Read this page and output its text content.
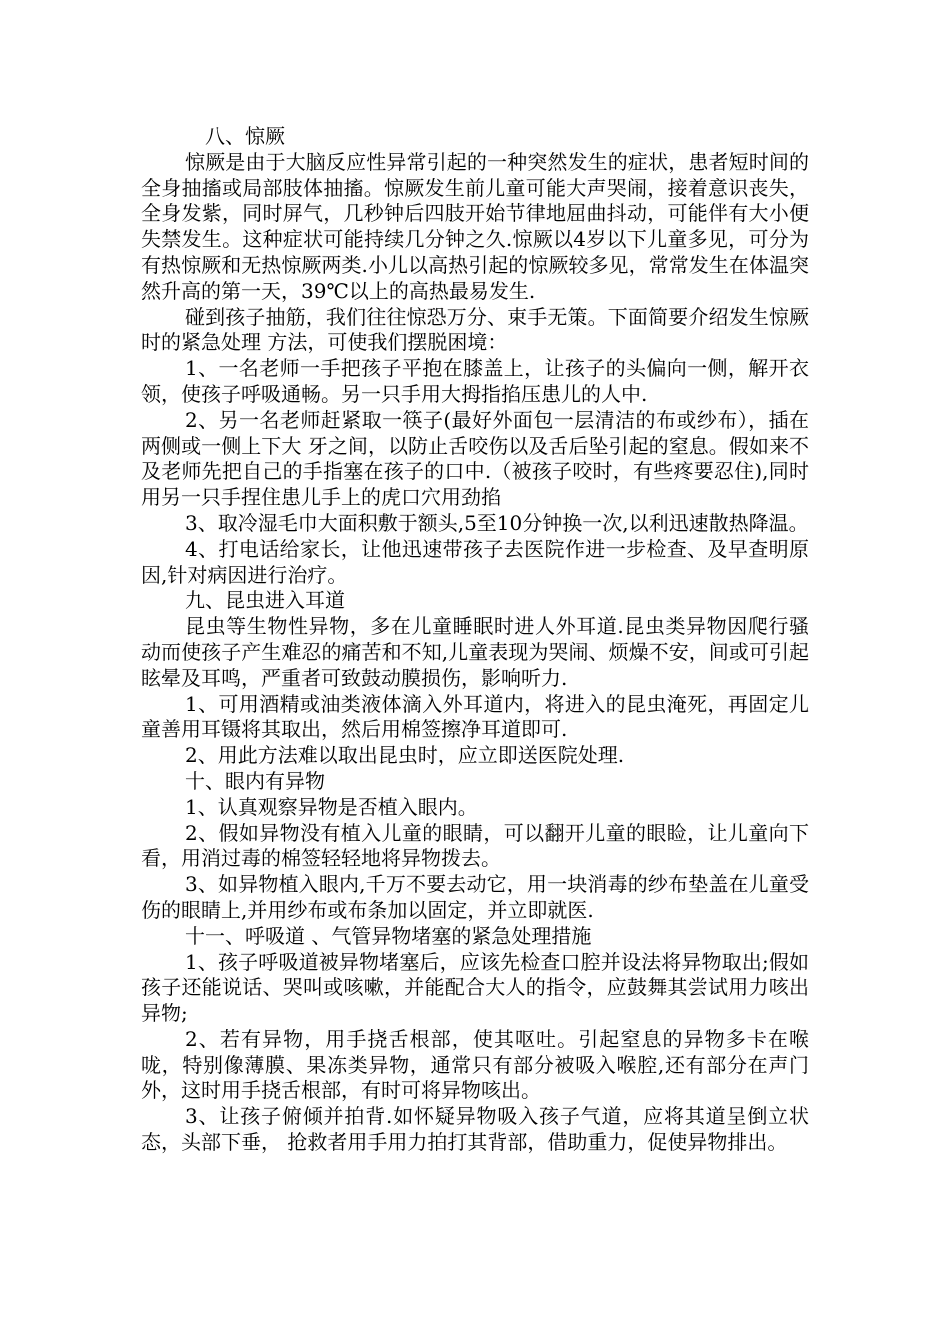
八、惊厥

惊厥是由于大脑反应性异常引起的一种突然发生的症状，患者短时间的全身抽搐或局部肢体抽搐。惊厥发生前儿童可能大声哭闹，接着意识丧失，全身发紫，同时屏气，几秒钟后四肢开始节律地屈曲抖动，可能伴有大小便失禁发生。这种症状可能持续几分钟之久.惊厥以4岁以下儿童多见，可分为有热惊厥和无热惊厥两类.小儿以高热引起的惊厥较多见，常常发生在体温突然升高的第一天，39℃以上的高热最易发生.

碰到孩子抽筋，我们往往惊恐万分、束手无策。下面简要介绍发生惊厥时的紧急处理 方法，可使我们摆脱困境：

1、一名老师一手把孩子平抱在膝盖上，让孩子的头偏向一侧，解开衣领，使孩子呼吸通畅。另一只手用大拇指掐压患儿的人中.

2、另一名老师赶紧取一筷子(最好外面包一层清洁的布或纱布），插在两侧或一侧上下大 牙之间，以防止舌咬伤以及舌后坠引起的窒息。假如来不及老师先把自己的手指塞在孩子的口中.（被孩子咬时，有些疼要忍住),同时用另一只手捏住患儿手上的虎口穴用劲掐

3、取冷湿毛巾大面积敷于额头,5至10分钟换一次,以利迅速散热降温。

4、打电话给家长，让他迅速带孩子去医院作进一步检查、及早查明原因,针对病因进行治疗。

九、昆虫进入耳道

昆虫等生物性异物，多在儿童睡眠时进人外耳道.昆虫类异物因爬行骚动而使孩子产生难忍的痛苦和不知,儿童表现为哭闹、烦燥不安，间或可引起眩晕及耳鸣，严重者可致鼓动膜损伤，影响听力.

1、可用酒精或油类液体滴入外耳道内，将进入的昆虫淹死，再固定儿童善用耳镊将其取出，然后用棉签擦净耳道即可.

2、用此方法难以取出昆虫时，应立即送医院处理.

十、眼内有异物

1、认真观察异物是否植入眼内。

2、假如异物没有植入儿童的眼睛，可以翻开儿童的眼睑，让儿童向下看，用消过毒的棉签轻轻地将异物拨去。

3、如异物植入眼内,千万不要去动它，用一块消毒的纱布垫盖在儿童受伤的眼睛上,并用纱布或布条加以固定，并立即就医.

十一、呼吸道 、气管异物堵塞的紧急处理措施

1、孩子呼吸道被异物堵塞后，应该先检查口腔并设法将异物取出;假如孩子还能说话、哭叫或咳嗽，并能配合大人的指令，应鼓舞其尝试用力咳出异物;

2、若有异物，用手挠舌根部，使其呕吐。引起窒息的异物多卡在喉咙，特别像薄膜、果冻类异物，通常只有部分被吸入喉腔,还有部分在声门外，这时用手挠舌根部，有时可将异物咳出。

3、让孩子俯倾并拍背.如怀疑异物吸入孩子气道，应将其道呈倒立状态，头部下垂， 抢救者用手用力拍打其背部，借助重力，促使异物排出。
